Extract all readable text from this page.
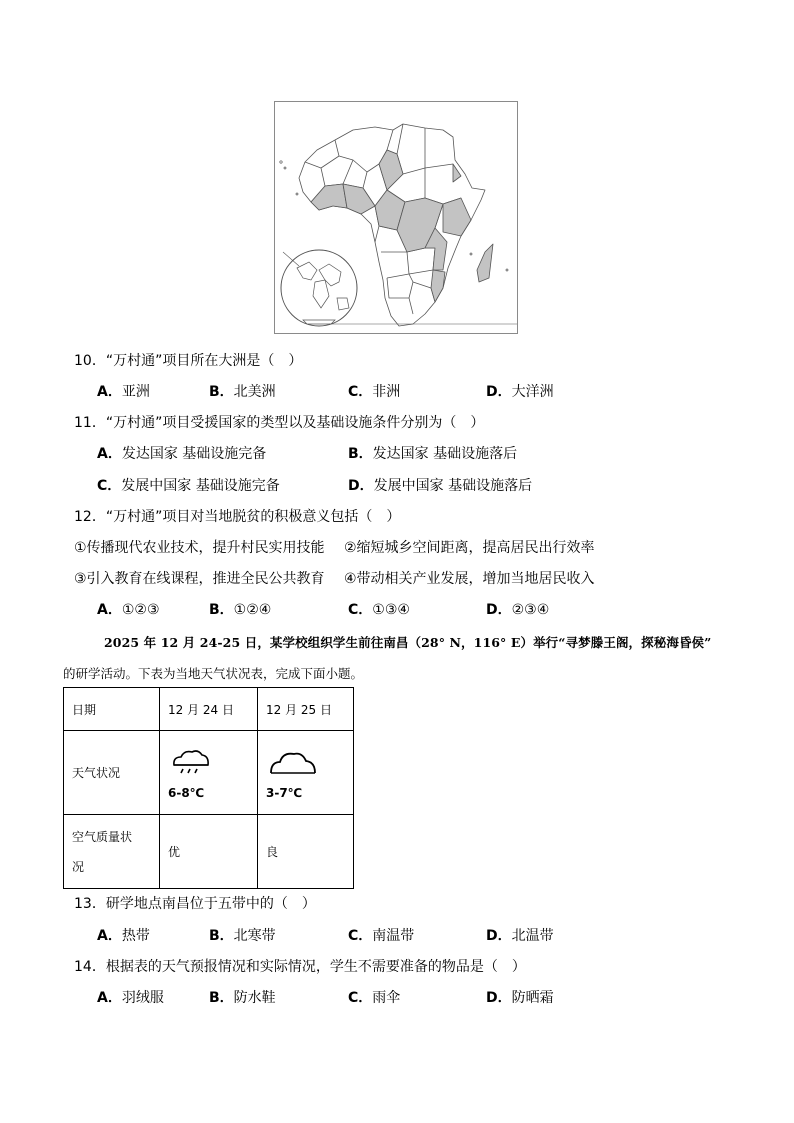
10．“万村通”项目所在大洲是（　）
A．亚洲	B．北美洲	C．非洲	D．大洋洲
11．“万村通”项目受援国家的类型以及基础设施条件分别为（　）
A．发达国家 基础设施完备	B．发达国家 基础设施落后
C．发展中国家 基础设施完备	D．发展中国家 基础设施落后
12．“万村通”项目对当地脱贫的积极意义包括（　）
①传播现代农业技术，提升村民实用技能 ②缩短城乡空间距离，提高居民出行效率
③引入教育在线课程，推进全民公共教育 ④带动相关产业发展，增加当地居民收入
A．①②③	B．①②④	C．①③④	D．②③④
2025 年 12 月 24-25 日，某学校组织学生前往南昌（28° N，116° E）举行“寻梦滕王阁，探秘海昏侯”
的研学活动。下表为当地天气状况表，完成下面小题。
日期	12 月 24 日	12 月 25 日
天气状况	6-8℃	3-7℃

空气质量状
况	优	良
13．研学地点南昌位于五带中的（　）
A．热带	B．北寒带	C．南温带	D．北温带
14．根据表的天气预报情况和实际情况，学生不需要准备的物品是（　）
A．羽绒服	B．防水鞋	C．雨伞	D．防晒霜
